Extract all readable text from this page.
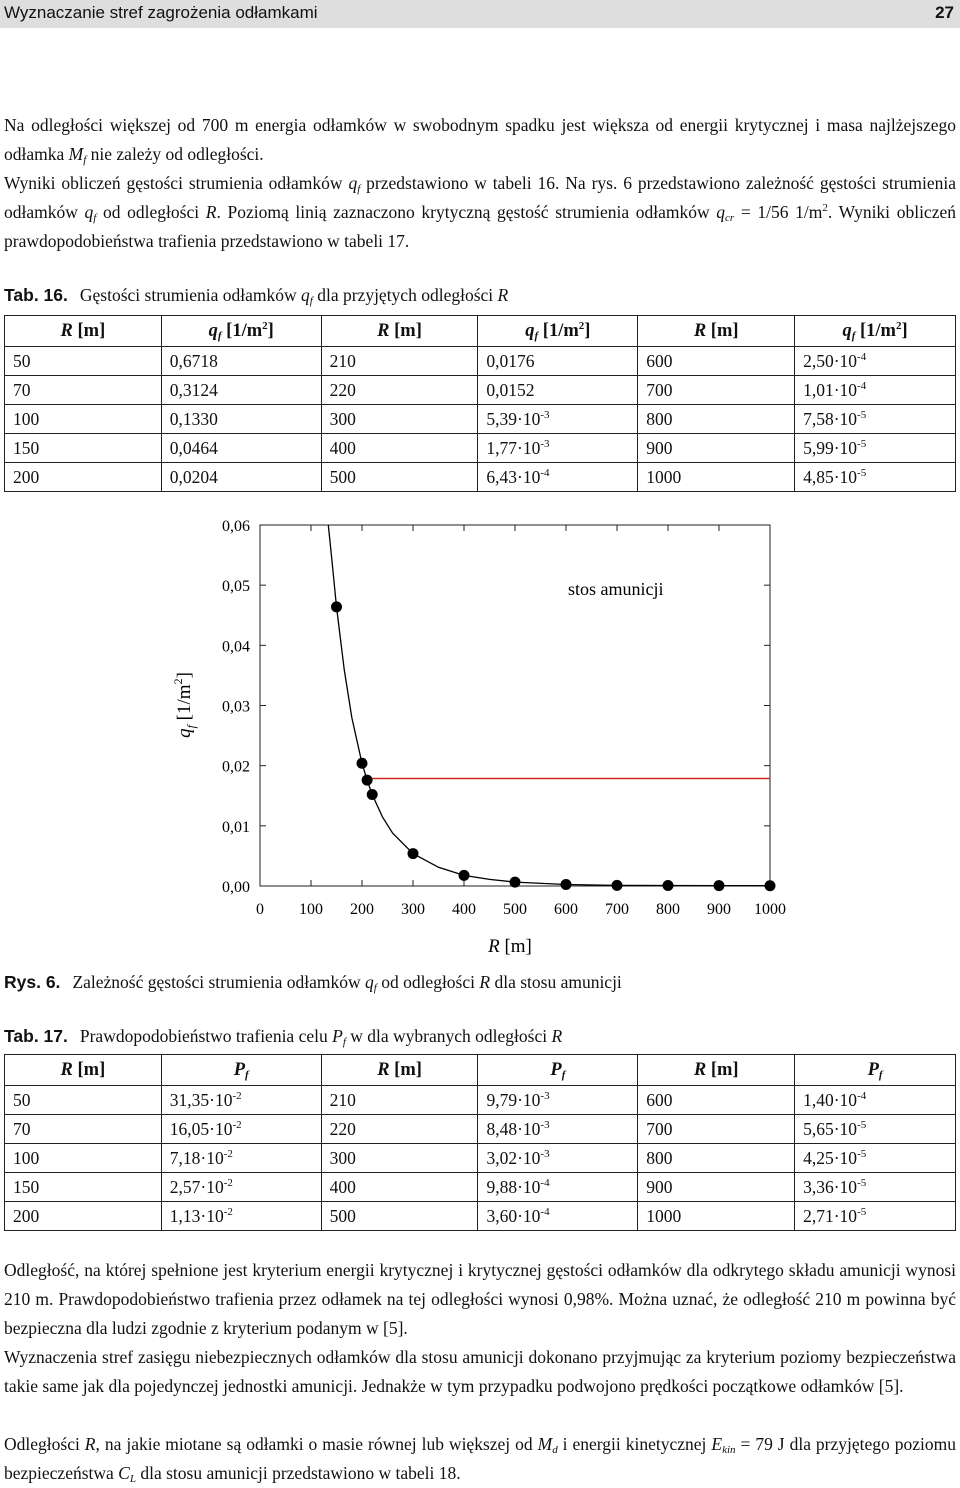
Wyznaczanie stref zagrożenia odłamkami	27

Na odległości większej od 700 m energia odłamków w swobodnym spadku jest większa od energii krytycznej i masa najlżejszego odłamka $M_f$ nie zależy od odległości.

Wyniki obliczeń gęstości strumienia odłamków $q_f$ przedstawiono w tabeli 16. Na rys. 6 przedstawiono zależność gęstości strumienia odłamków $q_f$ od odległości R. Poziomą linią zaznaczono krytyczną gęstość strumienia odłamków $q_{cr} = 1/56$ $1/m^2$. Wyniki obliczeń prawdopodobieństwa trafienia przedstawiono w tabeli 17.

Tab. 16. Gęstości strumienia odłamków $q_f$ dla przyjętych odległości R
R [m]	$q_f$ $[1/m^2]$	R [m]	$q_f$ $[1/m^2]$	R [m]	$q_f$ $[1/m^2]$
50	0,6718	210	0,0176	600	$2,50\cdot 10^{-4}$
70	0,3124	220	0,0152	700	$1,01\cdot 10^{-4}$
100	0,1330	300	$5,39\cdot 10^{-3}$	800	$7,58\cdot 10^{-5}$
150	0,0464	400	$1,77\cdot 10^{-3}$	900	$5,99\cdot 10^{-5}$
200	0,0204	500	$6,43\cdot 10^{-4}$	1000	$4,85\cdot 10^{-5}$
0,00
0,01
0,02
0,03
0,04
0,05
0,06
0 100 200 300 400 500 600 700 800 900 1000
stos amunicji
R [m]
$q_f$ $[1/m^2]$
Rys. 6. Zależność gęstości strumienia odłamków $q_f$ od odległości R dla stosu amunicji
Tab. 17. Prawdopodobieństwo trafienia celu $P_f$ w dla wybranych odległości R
R [m]	$P_f$	R [m]	$P_f$	R [m]	$P_f$
50	$31,35\cdot 10^{-2}$	210	$9,79\cdot 10^{-3}$	600	$1,40\cdot 10^{-4}$
70	$16,05\cdot 10^{-2}$	220	$8,48\cdot 10^{-3}$	700	$5,65\cdot 10^{-5}$
100	$7,18\cdot 10^{-2}$	300	$3,02\cdot 10^{-3}$	800	$4,25\cdot 10^{-5}$
150	$2,57\cdot 10^{-2}$	400	$9,88\cdot 10^{-4}$	900	$3,36\cdot 10^{-5}$
200	$1,13\cdot 10^{-2}$	500	$3,60\cdot 10^{-4}$	1000	$2,71\cdot 10^{-5}$

Odległość, na której spełnione jest kryterium energii krytycznej i krytycznej gęstości odłamków dla odkrytego składu amunicji wynosi 210 m. Prawdopodobieństwo trafienia przez odłamek na tej odległości wynosi 0,98%. Można uznać, że odległość 210 m powinna być bezpieczna dla ludzi zgodnie z kryterium podanym w [5].

Wyznaczenia stref zasięgu niebezpiecznych odłamków dla stosu amunicji dokonano przyjmując za kryterium poziomy bezpieczeństwa takie same jak dla pojedynczej jednostki amunicji. Jednakże w tym przypadku podwojono prędkości początkowe odłamków [5].

Odległości R, na jakie miotane są odłamki o masie równej lub większej od $M_d$ i energii kinetycznej $E_{kin} = 79$ J dla przyjętego poziomu bezpieczeństwa $C_L$ dla stosu amunicji przedstawiono w tabeli 18.
